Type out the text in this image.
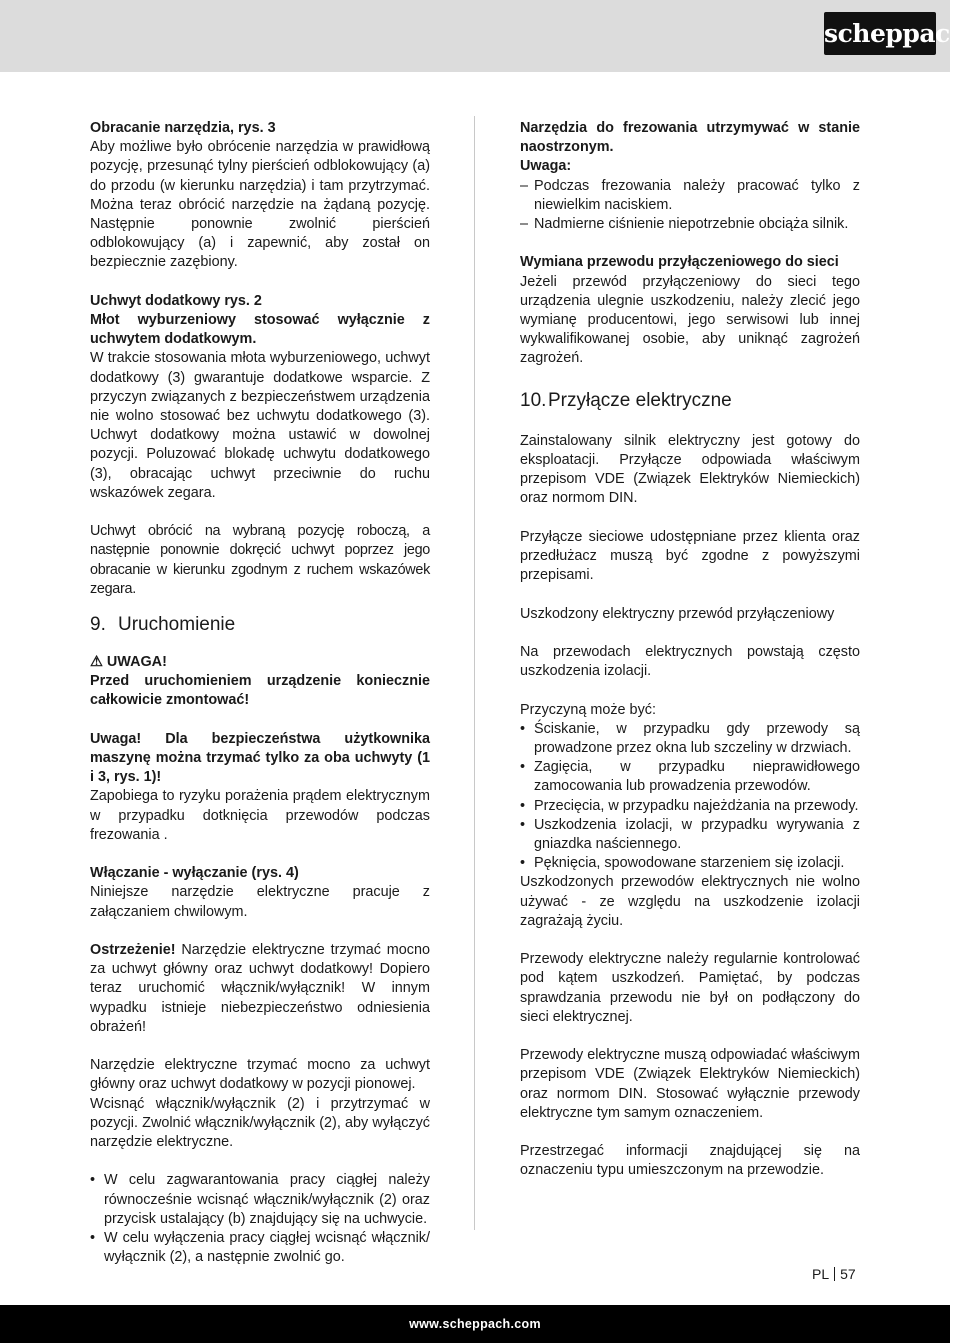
scheppach

Obracanie narzędzia, rys. 3

Aby możliwe było obrócenie narzędzia w prawidłową pozycję, przesunąć tylny pierścień odblokowujący (a) do przodu (w kierunku narzędzia) i tam przytrzymać. Można teraz obrócić narzędzie na żądaną pozycję. Następnie ponownie zwolnić pierścień odblokowujący (a) i zapewnić, aby został on bezpiecznie zazębiony.

Uchwyt dodatkowy rys. 2

Młot wyburzeniowy stosować wyłącznie z uchwytem dodatkowym.

W trakcie stosowania młota wyburzeniowego, uchwyt dodatkowy (3) gwarantuje dodatkowe wsparcie. Z przyczyn związanych z bezpieczeństwem urządzenia nie wolno stosować bez uchwytu dodatkowego (3). Uchwyt dodatkowy można ustawić w dowolnej pozycji. Poluzować blokadę uchwytu dodatkowego (3), obracając uchwyt przeciwnie do ruchu wskazówek zegara.

Uchwyt obrócić na wybraną pozycję roboczą, a następnie ponownie dokręcić uchwyt poprzez jego obracanie w kierunku zgodnym z ruchem wskazówek zegara.

9. Uruchomienie

⚠ UWAGA!

Przed uruchomieniem urządzenie koniecznie całkowicie zmontować!

Uwaga! Dla bezpieczeństwa użytkownika maszynę można trzymać tylko za oba uchwyty (1 i 3, rys. 1)!

Zapobiega to ryzyku porażenia prądem elektrycznym w przypadku dotknięcia przewodów podczas frezowania .

Włączanie - wyłączanie (rys. 4)

Niniejsze narzędzie elektryczne pracuje z załączaniem chwilowym.

Ostrzeżenie! Narzędzie elektryczne trzymać mocno za uchwyt główny oraz uchwyt dodatkowy! Dopiero teraz uruchomić włącznik/wyłącznik! W innym wypadku istnieje niebezpieczeństwo odniesienia obrażeń!

Narzędzie elektryczne trzymać mocno za uchwyt główny oraz uchwyt dodatkowy w pozycji pionowej.

Wcisnąć włącznik/wyłącznik (2) i przytrzymać w pozycji. Zwolnić włącznik/wyłącznik (2), aby wyłączyć narzędzie elektryczne.

• W celu zagwarantowania pracy ciągłej należy równocześnie wcisnąć włącznik/wyłącznik (2) oraz przycisk ustalający (b) znajdujący się na uchwycie.
• W celu wyłączenia pracy ciągłej wcisnąć włącznik/ wyłącznik (2), a następnie zwolnić go.

Narzędzia do frezowania utrzymywać w stanie naostrzonym.

Uwaga:

– Podczas frezowania należy pracować tylko z niewielkim naciskiem.
– Nadmierne ciśnienie niepotrzebnie obciąża silnik.

Wymiana przewodu przyłączeniowego do sieci

Jeżeli przewód przyłączeniowy do sieci tego urządzenia ulegnie uszkodzeniu, należy zlecić jego wymianę producentowi, jego serwisowi lub innej wykwalifikowanej osobie, aby uniknąć zagrożeń zagrożeń.

10.Przyłącze elektryczne

Zainstalowany silnik elektryczny jest gotowy do eksploatacji. Przyłącze odpowiada właściwym przepisom VDE (Związek Elektryków Niemieckich) oraz normom DIN.

Przyłącze sieciowe udostępniane przez klienta oraz przedłużacz muszą być zgodne z powyższymi przepisami.

Uszkodzony elektryczny przewód przyłączeniowy

Na przewodach elektrycznych powstają często uszkodzenia izolacji.

Przyczyną może być:

• Ściskanie, w przypadku gdy przewody są prowadzone przez okna lub szczeliny w drzwiach.
• Zagięcia, w przypadku nieprawidłowego zamocowania lub prowadzenia przewodów.
• Przecięcia, w przypadku najeżdżania na przewody.
• Uszkodzenia izolacji, w przypadku wyrywania z gniazdka naściennego.
• Pęknięcia, spowodowane starzeniem się izolacji.

Uszkodzonych przewodów elektrycznych nie wolno używać - ze względu na uszkodzenie izolacji zagrażają życiu.

Przewody elektryczne należy regularnie kontrolować pod kątem uszkodzeń. Pamiętać, by podczas sprawdzania przewodu nie był on podłączony do sieci elektrycznej.

Przewody elektryczne muszą odpowiadać właściwym przepisom VDE (Związek Elektryków Niemieckich) oraz normom DIN. Stosować wyłącznie przewody elektryczne tym samym oznaczeniem.

Przestrzegać informacji znajdującej się na oznaczeniu typu umieszczonym na przewodzie.

PL 57
www.scheppach.com
